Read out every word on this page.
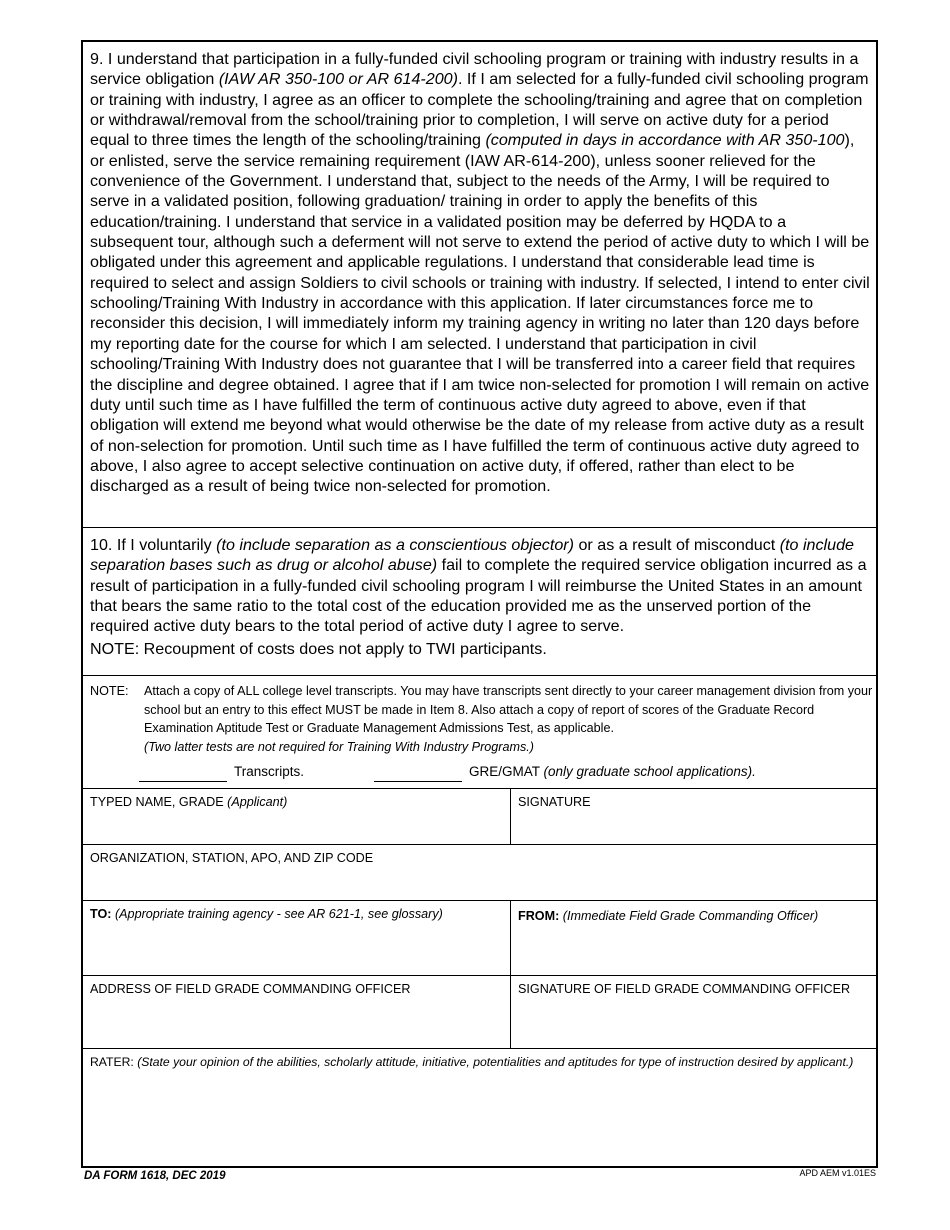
9. I understand that participation in a fully-funded civil schooling program or training with industry results in a service obligation (IAW AR 350-100 or AR 614-200). If I am selected for a fully-funded civil schooling program or training with industry, I agree as an officer to complete the schooling/training and agree that on completion or withdrawal/removal from the school/training prior to completion, I will serve on active duty for a period equal to three times the length of the schooling/training (computed in days in accordance with AR 350-100), or enlisted, serve the service remaining requirement (IAW AR-614-200), unless sooner relieved for the convenience of the Government. I understand that, subject to the needs of the Army, I will be required to serve in a validated position, following graduation/ training in order to apply the benefits of this education/training. I understand that service in a validated position may be deferred by HQDA to a subsequent tour, although such a deferment will not serve to extend the period of active duty to which I will be obligated under this agreement and applicable regulations. I understand that considerable lead time is required to select and assign Soldiers to civil schools or training with industry. If selected, I intend to enter civil schooling/Training With Industry in accordance with this application. If later circumstances force me to reconsider this decision, I will immediately inform my training agency in writing no later than 120 days before my reporting date for the course for which I am selected. I understand that participation in civil schooling/Training With Industry does not guarantee that I will be transferred into a career field that requires the discipline and degree obtained. I agree that if I am twice non-selected for promotion I will remain on active duty until such time as I have fulfilled the term of continuous active duty agreed to above, even if that obligation will extend me beyond what would otherwise be the date of my release from active duty as a result of non-selection for promotion. Until such time as I have fulfilled the term of continuous active duty agreed to above, I also agree to accept selective continuation on active duty, if offered, rather than elect to be discharged as a result of being twice non-selected for promotion.

10. If I voluntarily (to include separation as a conscientious objector) or as a result of misconduct (to include separation bases such as drug or alcohol abuse) fail to complete the required service obligation incurred as a result of participation in a fully-funded civil schooling program I will reimburse the United States in an amount that bears the same ratio to the total cost of the education provided me as the unserved portion of the required active duty bears to the total period of active duty I agree to serve.

NOTE: Recoupment of costs does not apply to TWI participants.
NOTE: Attach a copy of ALL college level transcripts. You may have transcripts sent directly to your career management division from your school but an entry to this effect MUST be made in Item 8. Also attach a copy of report of scores of the Graduate Record Examination Aptitude Test or Graduate Management Admissions Test, as applicable.
(Two latter tests are not required for Training With Industry Programs.)
Transcripts.	GRE/GMAT (only graduate school applications).
TYPED NAME, GRADE (Applicant)	SIGNATURE
ORGANIZATION, STATION, APO, AND ZIP CODE
TO: (Appropriate training agency - see AR 621-1, see glossary)	FROM: (Immediate Field Grade Commanding Officer)
ADDRESS OF FIELD GRADE COMMANDING OFFICER	SIGNATURE OF FIELD GRADE COMMANDING OFFICER
RATER: (State your opinion of the abilities, scholarly attitude, initiative, potentialities and aptitudes for type of instruction desired by applicant.)
DA FORM 1618, DEC 2019	APD AEM v1.01ES
